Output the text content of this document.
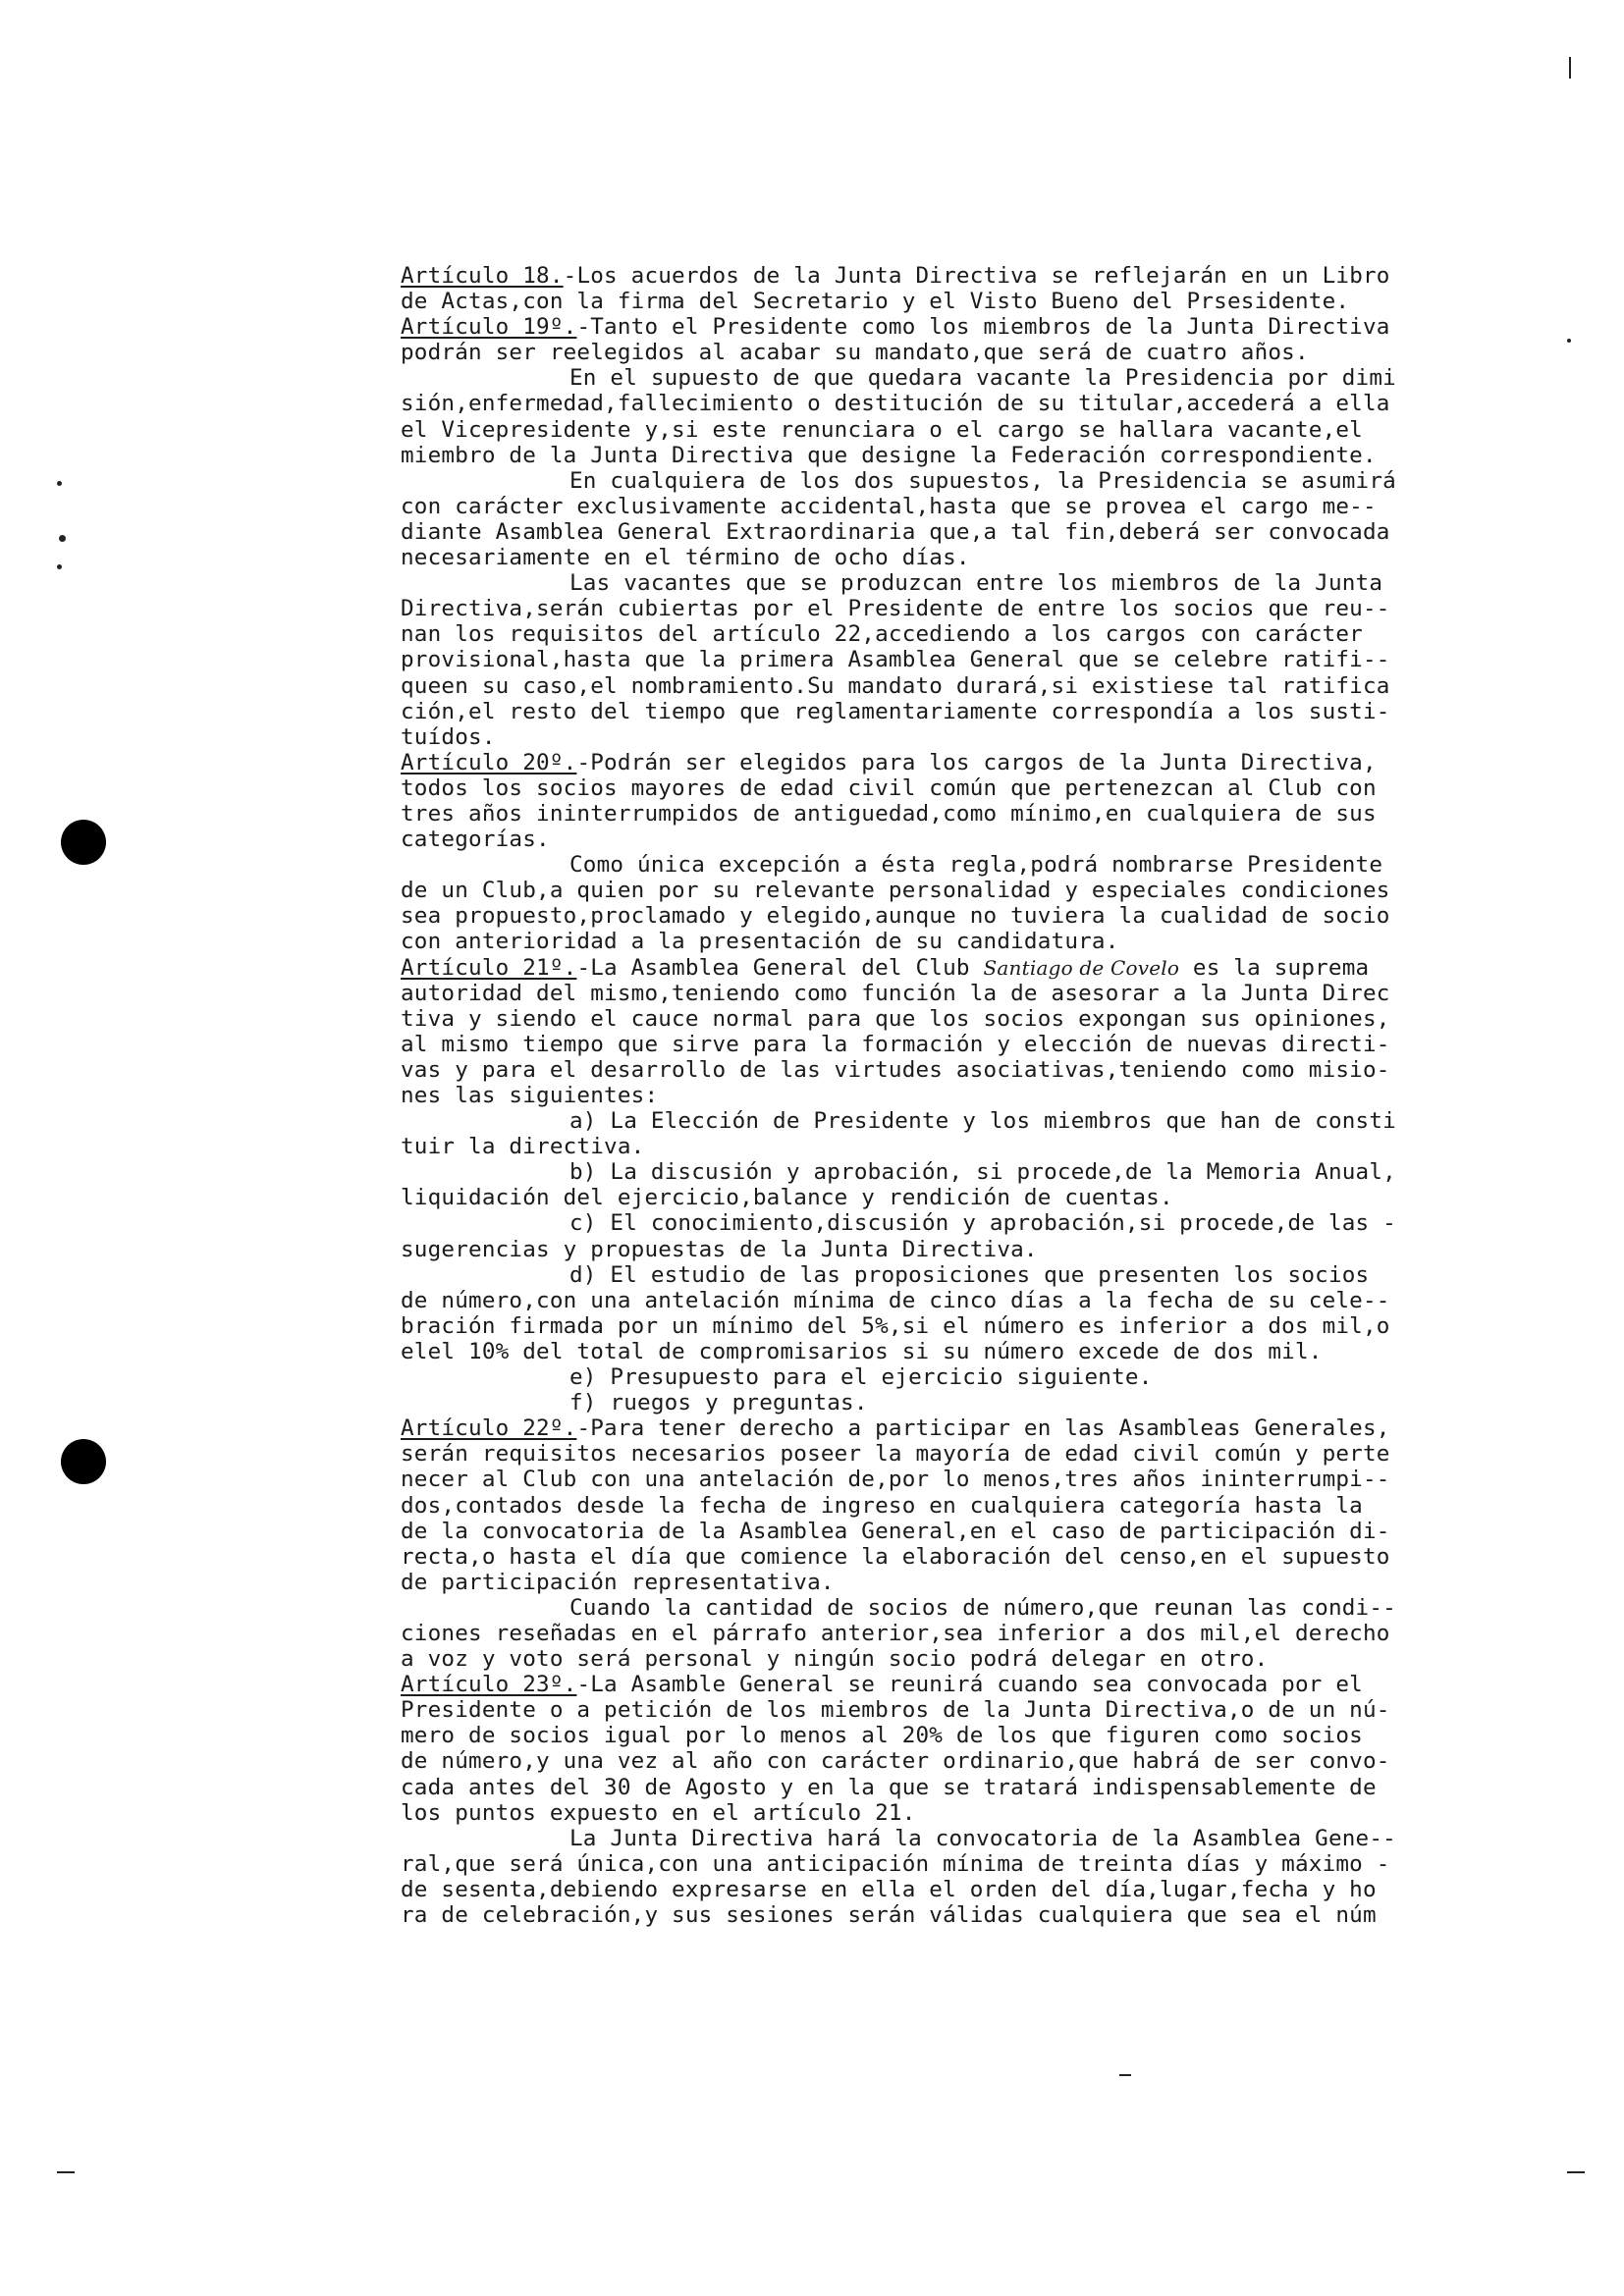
Artículo 18.-Los acuerdos de la Junta Directiva se reflejarán en un Libro
de Actas,con la firma del Secretario y el Visto Bueno del Prsesidente.
Artículo 19º.-Tanto el Presidente como los miembros de la Junta Directiva
podrán ser reelegidos al acabar su mandato,que será de cuatro años.
En el supuesto de que quedara vacante la Presidencia por dimi
sión,enfermedad,fallecimiento o destitución de su titular,accederá a ella
el Vicepresidente y,si este renunciara o el cargo se hallara vacante,el
miembro de la Junta Directiva que designe la Federación correspondiente.
En cualquiera de los dos supuestos, la Presidencia se asumirá
con carácter exclusivamente accidental,hasta que se provea el cargo me--
diante Asamblea General Extraordinaria que,a tal fin,deberá ser convocada
necesariamente en el término de ocho días.
Las vacantes que se produzcan entre los miembros de la Junta
Directiva,serán cubiertas por el Presidente de entre los socios que reu--
nan los requisitos del artículo 22,accediendo a los cargos con carácter
provisional,hasta que la primera Asamblea General que se celebre ratifi--
queen su caso,el nombramiento.Su mandato durará,si existiese tal ratifica
ción,el resto del tiempo que reglamentariamente correspondía a los susti-
tuídos.
Artículo 20º.-Podrán ser elegidos para los cargos de la Junta Directiva,
todos los socios mayores de edad civil común que pertenezcan al Club con
tres años ininterrumpidos de antiguedad,como mínimo,en cualquiera de sus
categorías.
Como única excepción a ésta regla,podrá nombrarse Presidente
de un Club,a quien por su relevante personalidad y especiales condiciones
sea propuesto,proclamado y elegido,aunque no tuviera la cualidad de socio
con anterioridad a la presentación de su candidatura.
Artículo 21º.-La Asamblea General del Club Santiago de Covelo es la suprema
autoridad del mismo,teniendo como función la de asesorar a la Junta Direc
tiva y siendo el cauce normal para que los socios expongan sus opiniones,
al mismo tiempo que sirve para la formación y elección de nuevas directi-
vas y para el desarrollo de las virtudes asociativas,teniendo como misio-
nes las siguientes:
a) La Elección de Presidente y los miembros que han de consti
tuir la directiva.
b) La discusión y aprobación, si procede,de la Memoria Anual,
liquidación del ejercicio,balance y rendición de cuentas.
c) El conocimiento,discusión y aprobación,si procede,de las -
sugerencias y propuestas de la Junta Directiva.
d) El estudio de las proposiciones que presenten los socios
de número,con una antelación mínima de cinco días a la fecha de su cele--
bración firmada por un mínimo del 5%,si el número es inferior a dos mil,o
elel 10% del total de compromisarios si su número excede de dos mil.
e) Presupuesto para el ejercicio siguiente.
f) ruegos y preguntas.
Artículo 22º.-Para tener derecho a participar en las Asambleas Generales,
serán requisitos necesarios poseer la mayoría de edad civil común y perte
necer al Club con una antelación de,por lo menos,tres años ininterrumpi--
dos,contados desde la fecha de ingreso en cualquiera categoría hasta la
de la convocatoria de la Asamblea General,en el caso de participación di-
recta,o hasta el día que comience la elaboración del censo,en el supuesto
de participación representativa.
Cuando la cantidad de socios de número,que reunan las condi--
ciones reseñadas en el párrafo anterior,sea inferior a dos mil,el derecho
a voz y voto será personal y ningún socio podrá delegar en otro.
Artículo 23º.-La Asamble General se reunirá cuando sea convocada por el
Presidente o a petición de los miembros de la Junta Directiva,o de un nú-
mero de socios igual por lo menos al 20% de los que figuren como socios
de número,y una vez al año con carácter ordinario,que habrá de ser convo-
cada antes del 30 de Agosto y en la que se tratará indispensablemente de
los puntos expuesto en el artículo 21.
La Junta Directiva hará la convocatoria de la Asamblea Gene--
ral,que será única,con una anticipación mínima de treinta días y máximo -
de sesenta,debiendo expresarse en ella el orden del día,lugar,fecha y ho
ra de celebración,y sus sesiones serán válidas cualquiera que sea el núm
